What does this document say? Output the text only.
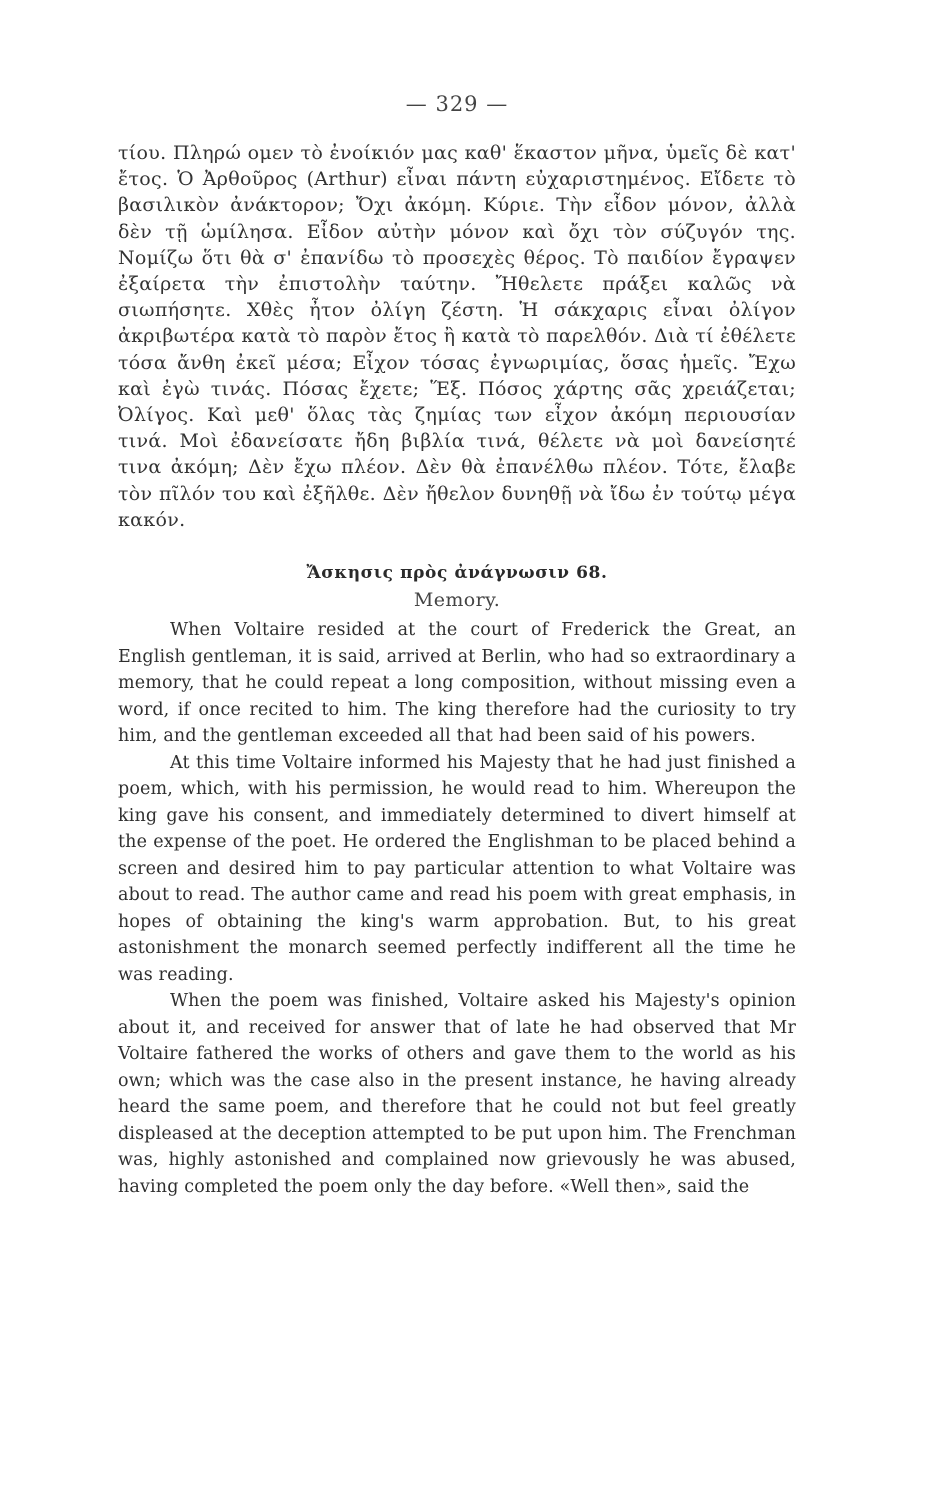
— 329 —

τίου. Πληρώ ομεν τὸ ἐνοίκιόν μας καθ' ἕκαστον μῆνα, ὑμεῖς δὲ κατ' ἔτος. Ὁ Ἀρθοῦρος (Arthur) εἶναι πάντη εὐχαριστημένος. Εἴδετε τὸ βασιλικὸν ἀνάκτορον; Ὄχι ἀκόμη. Κύριε. Τὴν εἶδον μόνον, ἀλλὰ δὲν τῇ ὡμίλησα. Εἶδον αὐτὴν μόνον καὶ ὄχι τὸν σύζυγόν της. Νομίζω ὅτι θὰ σ' ἐπανίδω τὸ προσεχὲς θέρος. Τὸ παιδίον ἔγραψεν ἐξαίρετα τὴν ἐπιστολὴν ταύτην. Ἤθελετε πράξει καλῶς νὰ σιωπήσητε. Χθὲς ἦτον ὀλίγη ζέστη. Ἡ σάκχαρις εἶναι ὀλίγον ἀκριβωτέρα κατὰ τὸ παρὸν ἔτος ἢ κατὰ τὸ παρελθόν. Διὰ τί ἐθέλετε τόσα ἄνθη ἐκεῖ μέσα; Εἶχον τόσας ἐγνωριμίας, ὅσας ἡμεῖς. Ἔχω καὶ ἐγὼ τινάς. Πόσας ἔχετε; Ἕξ. Πόσος χάρτης σᾶς χρειάζεται; Ὀλίγος. Καὶ μεθ' ὅλας τὰς ζημίας των εἶχον ἀκόμη περιουσίαν τινά. Μοὶ ἐδανείσατε ἤδη βιβλία τινά, θέλετε νὰ μοὶ δανείσητέ τινα ἀκόμη; Δὲν ἔχω πλέον. Δὲν θὰ ἐπανέλθω πλέον. Τότε, ἔλαβε τὸν πῖλόν του καὶ ἐξῆλθε. Δὲν ἤθελον δυνηθῇ νὰ ἴδω ἐν τούτῳ μέγα κακόν.

Ἄσκησις πρὸς ἀνάγνωσιν 68.
Memory.

When Voltaire resided at the court of Frederick the Great, an English gentleman, it is said, arrived at Berlin, who had so extraordinary a memory, that he could repeat a long composition, without missing even a word, if once recited to him. The king therefore had the curiosity to try him, and the gentleman exceeded all that had been said of his powers.

At this time Voltaire informed his Majesty that he had just finished a poem, which, with his permission, he would read to him. Whereupon the king gave his consent, and immediately determined to divert himself at the expense of the poet. He ordered the Englishman to be placed behind a screen and desired him to pay particular attention to what Voltaire was about to read. The author came and read his poem with great emphasis, in hopes of obtaining the king's warm approbation. But, to his great astonishment the monarch seemed perfectly indifferent all the time he was reading.

When the poem was finished, Voltaire asked his Majesty's opinion about it, and received for answer that of late he had observed that Mr Voltaire fathered the works of others and gave them to the world as his own; which was the case also in the present instance, he having already heard the same poem, and therefore that he could not but feel greatly displeased at the deception attempted to be put upon him. The Frenchman was, highly astonished and complained now grievously he was abused, having completed the poem only the day before. «Well then», said the
